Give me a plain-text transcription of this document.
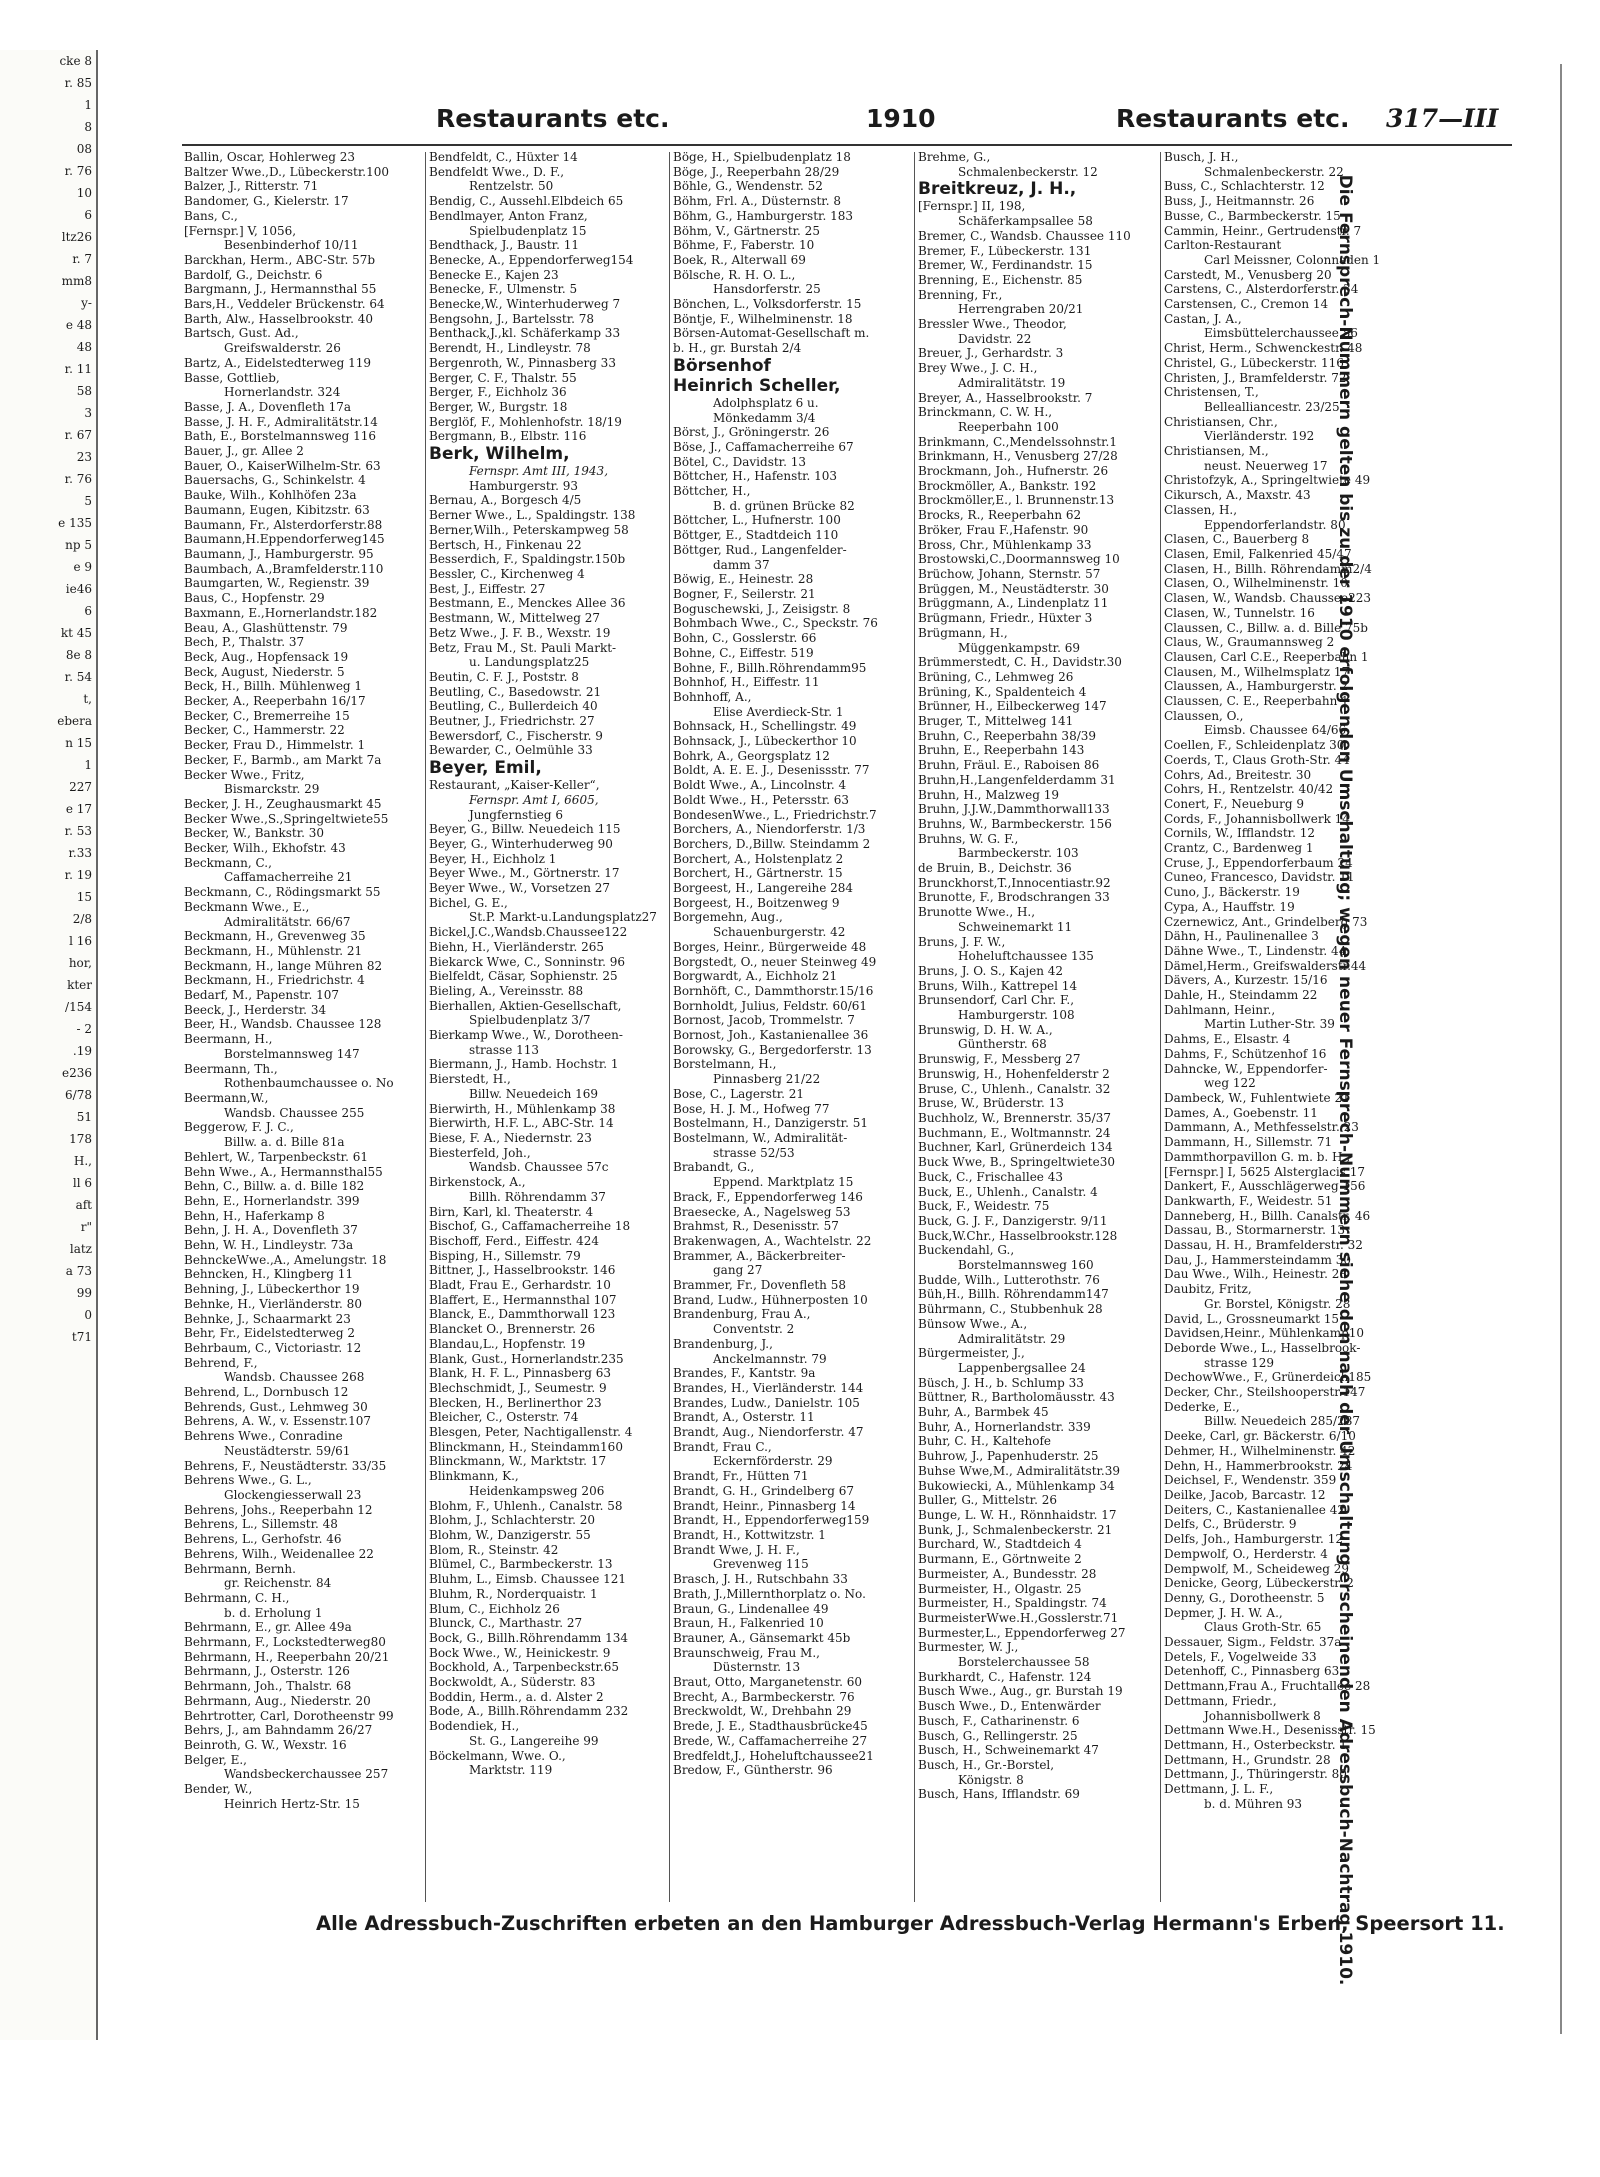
cke 8
r. 85
1
8
08
r. 76
10
6
ltz26
r. 7
mm8
y-
e 48
48
r. 11
58
3
r. 67
23
r. 76
5
e 135
np 5
e 9
ie46
6
kt 45
8e 8
r. 54
t,
ebera
n 15
1
227
e 17
r. 53
r.33
r. 19
15
2/8
l 16
hor,
kter
/154
- 2
.19
e236
6/78
51
178
H.,
ll 6
aft
r"
latz
a 73
99
0
t71
Restaurants etc.	1910	Restaurants etc. 317—III
Ballin, Oscar, Hohlerweg 23
Baltzer Wwe.,D., Lübeckerstr.100
Balzer, J., Ritterstr. 71
Bandomer, G., Kielerstr. 17
Bans, C.,
[Fernspr.] V, 1056,
Besenbinderhof 10/11
Barckhan, Herm., ABC-Str. 57b
Bardolf, G., Deichstr. 6
Bargmann, J., Hermannsthal 55
Bars,H., Veddeler Brückenstr. 64
Barth, Alw., Hasselbrookstr. 40
Bartsch, Gust. Ad.,
Greifswalderstr. 26
Bartz, A., Eidelstedterweg 119
Basse, Gottlieb,
Hornerlandstr. 324
Basse, J. A., Dovenfleth 17a
Basse, J. H. F., Admiralitätstr.14
Bath, E., Borstelmannsweg 116
Bauer, J., gr. Allee 2
Bauer, O., KaiserWilhelm-Str. 63
Bauersachs, G., Schinkelstr. 4
Bauke, Wilh., Kohlhöfen 23a
Baumann, Eugen, Kibitzstr. 63
Baumann, Fr., Alsterdorferstr.88
Baumann,H.Eppendorferweg145
Baumann, J., Hamburgerstr. 95
Baumbach, A.,Bramfelderstr.110
Baumgarten, W., Regienstr. 39
Baus, C., Hopfenstr. 29
Baxmann, E.,Hornerlandstr.182
Beau, A., Glashüttenstr. 79
Bech, P., Thalstr. 37
Beck, Aug., Hopfensack 19
Beck, August, Niederstr. 5
Beck, H., Billh. Mühlenweg 1
Becker, A., Reeperbahn 16/17
Becker, C., Bremerreihe 15
Becker, C., Hammerstr. 22
Becker, Frau D., Himmelstr. 1
Becker, F., Barmb., am Markt 7a
Becker Wwe., Fritz,
Bismarckstr. 29
Becker, J. H., Zeughausmarkt 45
Becker Wwe.,S.,Springeltwiete55
Becker, W., Bankstr. 30
Becker, Wilh., Ekhofstr. 43
Beckmann, C.,
Caffamacherreihe 21
Beckmann, C., Rödingsmarkt 55
Beckmann Wwe., E.,
Admiralitätstr. 66/67
Beckmann, H., Grevenweg 35
Beckmann, H., Mühlenstr. 21
Beckmann, H., lange Mühren 82
Beckmann, H., Friedrichstr. 4
Bedarf, M., Papenstr. 107
Beeck, J., Herderstr. 34
Beer, H., Wandsb. Chaussee 128
Beermann, H.,
Borstelmannsweg 147
Beermann, Th.,
Rothenbaumchaussee o. No
Beermann,W.,
Wandsb. Chaussee 255
Beggerow, F. J. C.,
Billw. a. d. Bille 81a
Behlert, W., Tarpenbeckstr. 61
Behn Wwe., A., Hermannsthal55
Behn, C., Billw. a. d. Bille 182
Behn, E., Hornerlandstr. 399
Behn, H., Haferkamp 8
Behn, J. H. A., Dovenfleth 37
Behn, W. H., Lindleystr. 73a
BehnckeWwe.,A., Amelungstr. 18
Behncken, H., Klingberg 11
Behning, J., Lübeckerthor 19
Behnke, H., Vierländerstr. 80
Behnke, J., Schaarmarkt 23
Behr, Fr., Eidelstedterweg 2
Behrbaum, C., Victoriastr. 12
Behrend, F.,
Wandsb. Chaussee 268
Behrend, L., Dornbusch 12
Behrends, Gust., Lehmweg 30
Behrens, A. W., v. Essenstr.107
Behrens Wwe., Conradine
Neustädterstr. 59/61
Behrens, F., Neustädterstr. 33/35
Behrens Wwe., G. L.,
Glockengiesserwall 23
Behrens, Johs., Reeperbahn 12
Behrens, L., Sillemstr. 48
Behrens, L., Gerhofstr. 46
Behrens, Wilh., Weidenallee 22
Behrmann, Bernh.
gr. Reichenstr. 84
Behrmann, C. H.,
b. d. Erholung 1
Behrmann, E., gr. Allee 49a
Behrmann, F., Lockstedterweg80
Behrmann, H., Reeperbahn 20/21
Behrmann, J., Osterstr. 126
Behrmann, Joh., Thalstr. 68
Behrmann, Aug., Niederstr. 20
Behrtrotter, Carl, Dorotheenstr 99
Behrs, J., am Bahndamm 26/27
Beinroth, G. W., Wexstr. 16
Belger, E.,
Wandsbeckerchaussee 257
Bender, W.,
Heinrich Hertz-Str. 15
Bendfeldt, C., Hüxter 14
Bendfeldt Wwe., D. F.,
Rentzelstr. 50
Bendig, C., Aussehl.Elbdeich 65
Bendlmayer, Anton Franz,
Spielbudenplatz 15
Bendthack, J., Baustr. 11
Benecke, A., Eppendorferweg154
Benecke E., Kajen 23
Benecke, F., Ulmenstr. 5
Benecke,W., Winterhuderweg 7
Bengsohn, J., Bartelsstr. 78
Benthack,J.,kl. Schäferkamp 33
Berendt, H., Lindleystr. 78
Bergenroth, W., Pinnasberg 33
Berger, C. F., Thalstr. 55
Berger, F., Eichholz 36
Berger, W., Burgstr. 18
Berglöf, F., Mohlenhofstr. 18/19
Bergmann, B., Elbstr. 116
Berk, Wilhelm,
Fernspr. Amt III, 1943,
Hamburgerstr. 93
Bernau, A., Borgesch 4/5
Berner Wwe., L., Spaldingstr. 138
Berner,Wilh., Peterskampweg 58
Bertsch, H., Finkenau 22
Besserdich, F., Spaldingstr.150b
Bessler, C., Kirchenweg 4
Best, J., Eiffestr. 27
Bestmann, E., Menckes Allee 36
Bestmann, W., Mittelweg 27
Betz Wwe., J. F. B., Wexstr. 19
Betz, Frau M., St. Pauli Markt-
u. Landungsplatz25
Beutin, C. F. J., Poststr. 8
Beutling, C., Basedowstr. 21
Beutling, C., Bullerdeich 40
Beutner, J., Friedrichstr. 27
Bewersdorf, C., Fischerstr. 9
Bewarder, C., Oelmühle 33
Beyer, Emil,
Restaurant, „Kaiser-Keller“,
Fernspr. Amt I, 6605,
Jungfernstieg 6
Beyer, G., Billw. Neuedeich 115
Beyer, G., Winterhuderweg 90
Beyer, H., Eichholz 1
Beyer Wwe., M., Görtnerstr. 17
Beyer Wwe., W., Vorsetzen 27
Bichel, G. E.,
St.P. Markt-u.Landungsplatz27
Bickel,J.C.,Wandsb.Chaussee122
Biehn, H., Vierländerstr. 265
Biekarck Wwe, C., Sonninstr. 96
Bielfeldt, Cäsar, Sophienstr. 25
Bieling, A., Vereinsstr. 88
Bierhallen, Aktien-Gesellschaft,
Spielbudenplatz 3/7
Bierkamp Wwe., W., Dorotheen-
strasse 113
Biermann, J., Hamb. Hochstr. 1
Bierstedt, H.,
Billw. Neuedeich 169
Bierwirth, H., Mühlenkamp 38
Bierwirth, H.F. L., ABC-Str. 14
Biese, F. A., Niedernstr. 23
Biesterfeld, Joh.,
Wandsb. Chaussee 57c
Birkenstock, A.,
Billh. Röhrendamm 37
Birn, Karl, kl. Theaterstr. 4
Bischof, G., Caffamacherreihe 18
Bischoff, Ferd., Eiffestr. 424
Bisping, H., Sillemstr. 79
Bittner, J., Hasselbrookstr. 146
Bladt, Frau E., Gerhardstr. 10
Blaffert, E., Hermannsthal 107
Blanck, E., Dammthorwall 123
Blancket O., Brennerstr. 26
Blandau,L., Hopfenstr. 19
Blank, Gust., Hornerlandstr.235
Blank, H. F. L., Pinnasberg 63
Blechschmidt, J., Seumestr. 9
Blecken, H., Berlinerthor 23
Bleicher, C., Osterstr. 74
Blesgen, Peter, Nachtigallenstr. 4
Blinckmann, H., Steindamm160
Blinckmann, W., Marktstr. 17
Blinkmann, K.,
Heidenkampsweg 206
Blohm, F., Uhlenh., Canalstr. 58
Blohm, J., Schlachterstr. 20
Blohm, W., Danzigerstr. 55
Blom, R., Steinstr. 42
Blümel, C., Barmbeckerstr. 13
Bluhm, L., Eimsb. Chaussee 121
Bluhm, R., Norderquaistr. 1
Blum, C., Eichholz 26
Blunck, C., Marthastr. 27
Bock, G., Billh.Röhrendamm 134
Bock Wwe., W., Heinickestr. 9
Bockhold, A., Tarpenbeckstr.65
Bockwoldt, A., Süderstr. 83
Boddin, Herm., a. d. Alster 2
Bode, A., Billh.Röhrendamm 232
Bodendiek, H.,
St. G., Langereihe 99
Böckelmann, Wwe. O.,
Marktstr. 119
Böge, H., Spielbudenplatz 18
Böge, J., Reeperbahn 28/29
Böhle, G., Wendenstr. 52
Böhm, Frl. A., Düsternstr. 8
Böhm, G., Hamburgerstr. 183
Böhm, V., Gärtnerstr. 25
Böhme, F., Faberstr. 10
Boek, R., Alterwall 69
Bölsche, R. H. O. L.,
Hansdorferstr. 25
Bönchen, L., Volksdorferstr. 15
Böntje, F., Wilhelminenstr. 18
Börsen-Automat-Gesellschaft m.
b. H., gr. Burstah 2/4
Börsenhof
Heinrich Scheller,
Adolphsplatz 6 u.
Mönkedamm 3/4
Börst, J., Gröningerstr. 26
Böse, J., Caffamacherreihe 67
Bötel, C., Davidstr. 13
Böttcher, H., Hafenstr. 103
Böttcher, H.,
B. d. grünen Brücke 82
Böttcher, L., Hufnerstr. 100
Böttger, E., Stadtdeich 110
Böttger, Rud., Langenfelder-
damm 37
Böwig, E., Heinestr. 28
Bogner, F., Seilerstr. 21
Boguschewski, J., Zeisigstr. 8
Bohmbach Wwe., C., Speckstr. 76
Bohn, C., Gosslerstr. 66
Bohne, C., Eiffestr. 519
Bohne, F., Billh.Röhrendamm95
Bohnhof, H., Eiffestr. 11
Bohnhoff, A.,
Elise Averdieck-Str. 1
Bohnsack, H., Schellingstr. 49
Bohnsack, J., Lübeckerthor 10
Bohrk, A., Georgsplatz 12
Boldt, A. E. E. J., Desenissstr. 77
Boldt Wwe., A., Lincolnstr. 4
Boldt Wwe., H., Petersstr. 63
BondesenWwe., L., Friedrichstr.7
Borchers, A., Niendorferstr. 1/3
Borchers, D.,Billw. Steindamm 2
Borchert, A., Holstenplatz 2
Borchert, H., Gärtnerstr. 15
Borgeest, H., Langereihe 284
Borgeest, H., Boitzenweg 9
Borgemehn, Aug.,
Schauenburgerstr. 42
Borges, Heinr., Bürgerweide 48
Borgstedt, O., neuer Steinweg 49
Borgwardt, A., Eichholz 21
Bornhöft, C., Dammthorstr.15/16
Bornholdt, Julius, Feldstr. 60/61
Bornost, Jacob, Trommelstr. 7
Bornost, Joh., Kastanienallee 36
Borowsky, G., Bergedorferstr. 13
Borstelmann, H.,
Pinnasberg 21/22
Bose, C., Lagerstr. 21
Bose, H. J. M., Hofweg 77
Bostelmann, H., Danzigerstr. 51
Bostelmann, W., Admiralität-
strasse 52/53
Brabandt, G.,
Eppend. Marktplatz 15
Brack, F., Eppendorferweg 146
Braesecke, A., Nagelsweg 53
Brahmst, R., Desenisstr. 57
Brakenwagen, A., Wachtelstr. 22
Brammer, A., Bäckerbreiter-
gang 27
Brammer, Fr., Dovenfleth 58
Brand, Ludw., Hühnerposten 10
Brandenburg, Frau A.,
Conventstr. 2
Brandenburg, J.,
Anckelmannstr. 79
Brandes, F., Kantstr. 9a
Brandes, H., Vierländerstr. 144
Brandes, Ludw., Danielstr. 105
Brandt, A., Osterstr. 11
Brandt, Aug., Niendorferstr. 47
Brandt, Frau C.,
Eckernförderstr. 29
Brandt, Fr., Hütten 71
Brandt, G. H., Grindelberg 67
Brandt, Heinr., Pinnasberg 14
Brandt, H., Eppendorferweg159
Brandt, H., Kottwitzstr. 1
Brandt Wwe, J. H. F.,
Grevenweg 115
Brasch, J. H., Rutschbahn 33
Brath, J.,Millernthorplatz o. No.
Braun, G., Lindenallee 49
Braun, H., Falkenried 10
Brauner, A., Gänsemarkt 45b
Braunschweig, Frau M.,
Düsternstr. 13
Braut, Otto, Marganetenstr. 60
Brecht, A., Barmbeckerstr. 76
Breckwoldt, W., Drehbahn 29
Brede, J. E., Stadthausbrücke45
Brede, W., Caffamacherreihe 27
Bredfeldt,J., Hoheluftchaussee21
Bredow, F., Güntherstr. 96
Brehme, G.,
Schmalenbeckerstr. 12
Breitkreuz, J. H.,
[Fernspr.] II, 198,
Schäferkampsallee 58
Bremer, C., Wandsb. Chaussee 110
Bremer, F., Lübeckerstr. 131
Bremer, W., Ferdinandstr. 15
Brenning, E., Eichenstr. 85
Brenning, Fr.,
Herrengraben 20/21
Bressler Wwe., Theodor,
Davidstr. 22
Breuer, J., Gerhardstr. 3
Brey Wwe., J. C. H.,
Admiralitätstr. 19
Breyer, A., Hasselbrookstr. 7
Brinckmann, C. W. H.,
Reeperbahn 100
Brinkmann, C.,Mendelssohnstr.1
Brinkmann, H., Venusberg 27/28
Brockmann, Joh., Hufnerstr. 26
Brockmöller, A., Bankstr. 192
Brockmöller,E., l. Brunnenstr.13
Brocks, R., Reeperbahn 62
Bröker, Frau F.,Hafenstr. 90
Bross, Chr., Mühlenkamp 33
Brostowski,C.,Doormannsweg 10
Brüchow, Johann, Sternstr. 57
Brüggen, M., Neustädterstr. 30
Brüggmann, A., Lindenplatz 11
Brügmann, Friedr., Hüxter 3
Brügmann, H.,
Müggenkampstr. 69
Brümmerstedt, C. H., Davidstr.30
Brüning, C., Lehmweg 26
Brüning, K., Spaldenteich 4
Brünner, H., Eilbeckerweg 147
Bruger, T., Mittelweg 141
Bruhn, C., Reeperbahn 38/39
Bruhn, E., Reeperbahn 143
Bruhn, Fräul. E., Raboisen 86
Bruhn,H.,Langenfelderdamm 31
Bruhn, H., Malzweg 19
Bruhn, J.J.W.,Dammthorwall133
Bruhns, W., Barmbeckerstr. 156
Bruhns, W. G. F.,
Barmbeckerstr. 103
de Bruin, B., Deichstr. 36
Brunckhorst,T.,Innocentiastr.92
Brunotte, F., Brodschrangen 33
Brunotte Wwe., H.,
Schweinemarkt 11
Bruns, J. F. W.,
Hoheluftchaussee 135
Bruns, J. O. S., Kajen 42
Bruns, Wilh., Kattrepel 14
Brunsendorf, Carl Chr. F.,
Hamburgerstr. 108
Brunswig, D. H. W. A.,
Güntherstr. 68
Brunswig, F., Messberg 27
Brunswig, H., Hohenfelderstr 2
Bruse, C., Uhlenh., Canalstr. 32
Bruse, W., Brüderstr. 13
Buchholz, W., Brennerstr. 35/37
Buchmann, E., Woltmannstr. 24
Buchner, Karl, Grünerdeich 134
Buck Wwe, B., Springeltwiete30
Buck, C., Frischallee 43
Buck, E., Uhlenh., Canalstr. 4
Buck, F., Weidestr. 75
Buck, G. J. F., Danzigerstr. 9/11
Buck,W.Chr., Hasselbrookstr.128
Buckendahl, G.,
Borstelmannsweg 160
Budde, Wilh., Lutterothstr. 76
Büh,H., Billh. Röhrendamm147
Bührmann, C., Stubbenhuk 28
Bünsow Wwe., A.,
Admiralitätstr. 29
Bürgermeister, J.,
Lappenbergsallee 24
Büsch, J. H., b. Schlump 33
Büttner, R., Bartholomäusstr. 43
Buhr, A., Barmbek 45
Buhr, A., Hornerlandstr. 339
Buhr, C. H., Kaltehofe
Buhrow, J., Papenhuderstr. 25
Buhse Wwe,M., Admiralitätstr.39
Bukowiecki, A., Mühlenkamp 34
Buller, G., Mittelstr. 26
Bunge, L. W. H., Rönnhaidstr. 17
Bunk, J., Schmalenbeckerstr. 21
Burchard, W., Stadtdeich 4
Burmann, E., Görtnweite 2
Burmeister, A., Bundesstr. 28
Burmeister, H., Olgastr. 25
Burmeister, H., Spaldingstr. 74
BurmeisterWwe.H.,Gosslerstr.71
Burmester,L., Eppendorferweg 27
Burmester, W. J.,
Borstelerchaussee 58
Burkhardt, C., Hafenstr. 124
Busch Wwe., Aug., gr. Burstah 19
Busch Wwe., D., Entenwärder
Busch, F., Catharinenstr. 6
Busch, G., Rellingerstr. 25
Busch, H., Schweinemarkt 47
Busch, H., Gr.-Borstel,
Königstr. 8
Busch, Hans, Ifflandstr. 69
Busch, J. H.,
Schmalenbeckerstr. 22
Buss, C., Schlachterstr. 12
Buss, J., Heitmannstr. 26
Busse, C., Barmbeckerstr. 15
Cammin, Heinr., Gertrudenstr. 7
Carlton-Restaurant
Carl Meissner, Colonnaden 1
Carstedt, M., Venusberg 20
Carstens, C., Alsterdorferstr. 34
Carstensen, C., Cremon 14
Castan, J. A.,
Eimsbüttelerchaussee 86
Christ, Herm., Schwenckestr. 48
Christel, G., Lübeckerstr. 116
Christen, J., Bramfelderstr. 72
Christensen, T.,
Bellealliancestr. 23/25
Christiansen, Chr.,
Vierländerstr. 192
Christiansen, M.,
neust. Neuerweg 17
Christofzyk, A., Springeltwiete 49
Cikursch, A., Maxstr. 43
Classen, H.,
Eppendorferlandstr. 80
Clasen, C., Bauerberg 8
Clasen, Emil, Falkenried 45/47
Clasen, H., Billh. Röhrendamm2/4
Clasen, O., Wilhelminenstr. 10
Clasen, W., Wandsb. Chaussee223
Clasen, W., Tunnelstr. 16
Claussen, C., Billw. a. d. Bille 75b
Claus, W., Graumannsweg 2
Clausen, Carl C.E., Reeperbahn 1
Clausen, M., Wilhelmsplatz 17
Claussen, A., Hamburgerstr. 2
Claussen, C. E., Reeperbahn 1
Claussen, O.,
Eimsb. Chaussee 64/66
Coellen, F., Schleidenplatz 30
Coerds, T., Claus Groth-Str. 44
Cohrs, Ad., Breitestr. 30
Cohrs, H., Rentzelstr. 40/42
Conert, F., Neueburg 9
Cords, F., Johannisbollwerk 14
Cornils, W., Ifflandstr. 12
Crantz, C., Bardenweg 1
Cruse, J., Eppendorferbaum 24
Cuneo, Francesco, Davidstr. 11
Cuno, J., Bäckerstr. 19
Cypa, A., Hauffstr. 19
Czernewicz, Ant., Grindelberg 73
Dähn, H., Paulinenallee 3
Dähne Wwe., T., Lindenstr. 44
Dämel,Herm., Greifswalderstr.44
Dävers, A., Kurzestr. 15/16
Dahle, H., Steindamm 22
Dahlmann, Heinr.,
Martin Luther-Str. 39
Dahms, E., Elsastr. 4
Dahms, F., Schützenhof 16
Dahncke, W., Eppendorfer-
weg 122
Dambeck, W., Fuhlentwiete 21
Dames, A., Goebenstr. 11
Dammann, A., Methfesselstr. 23
Dammann, H., Sillemstr. 71
Dammthorpavillon G. m. b. H.,
[Fernspr.] I, 5625 Alsterglacis 17
Dankert, F., Ausschlägerweg 156
Dankwarth, F., Weidestr. 51
Danneberg, H., Billh. Canalstr. 46
Dassau, B., Stormarnerstr. 13
Dassau, H. H., Bramfelderstr. 32
Dau, J., Hammersteindamm 30
Dau Wwe., Wilh., Heinestr. 28
Daubitz, Fritz,
Gr. Borstel, Königstr. 28
David, L., Grossneumarkt 15
Davidsen,Heinr., Mühlenkamp10
Deborde Wwe., L., Hasselbrook-
strasse 129
DechowWwe., F., Grünerdeich185
Decker, Chr., Steilshooperstr.147
Dederke, E.,
Billw. Neuedeich 285/287
Deeke, Carl, gr. Bäckerstr. 6/10
Dehmer, H., Wilhelminenstr. 42
Dehn, H., Hammerbrookstr. 24
Deichsel, F., Wendenstr. 359
Deilke, Jacob, Barcastr. 12
Deiters, C., Kastanienallee 42
Delfs, C., Brüderstr. 9
Delfs, Joh., Hamburgerstr. 12
Dempwolf, O., Herderstr. 4
Dempwolf, M., Scheideweg 29
Denicke, Georg, Lübeckerstr. 2
Denny, G., Dorotheenstr. 5
Depmer, J. H. W. A.,
Claus Groth-Str. 65
Dessauer, Sigm., Feldstr. 37a
Detels, F., Vogelweide 33
Detenhoff, C., Pinnasberg 63
Dettmann,Frau A., Fruchtallee 28
Dettmann, Friedr.,
Johannisbollwerk 8
Dettmann Wwe.H., Desenissstr. 15
Dettmann, H., Osterbeckstr. 1
Dettmann, H., Grundstr. 28
Dettmann, J., Thüringerstr. 80
Dettmann, J. L. F.,
b. d. Mühren 93
Alle Adressbuch-Zuschriften erbeten an den Hamburger Adressbuch-Verlag Hermann's Erben, Speersort 11.
Die Fernsprech-Nummern gelten bis zu der 1910 erfolgenden Umschaltung; wegen neuer Fernsprech-Nummern siehe den nach der Umschaltung erscheinenden Adressbuch-Nachtrag 1910.
